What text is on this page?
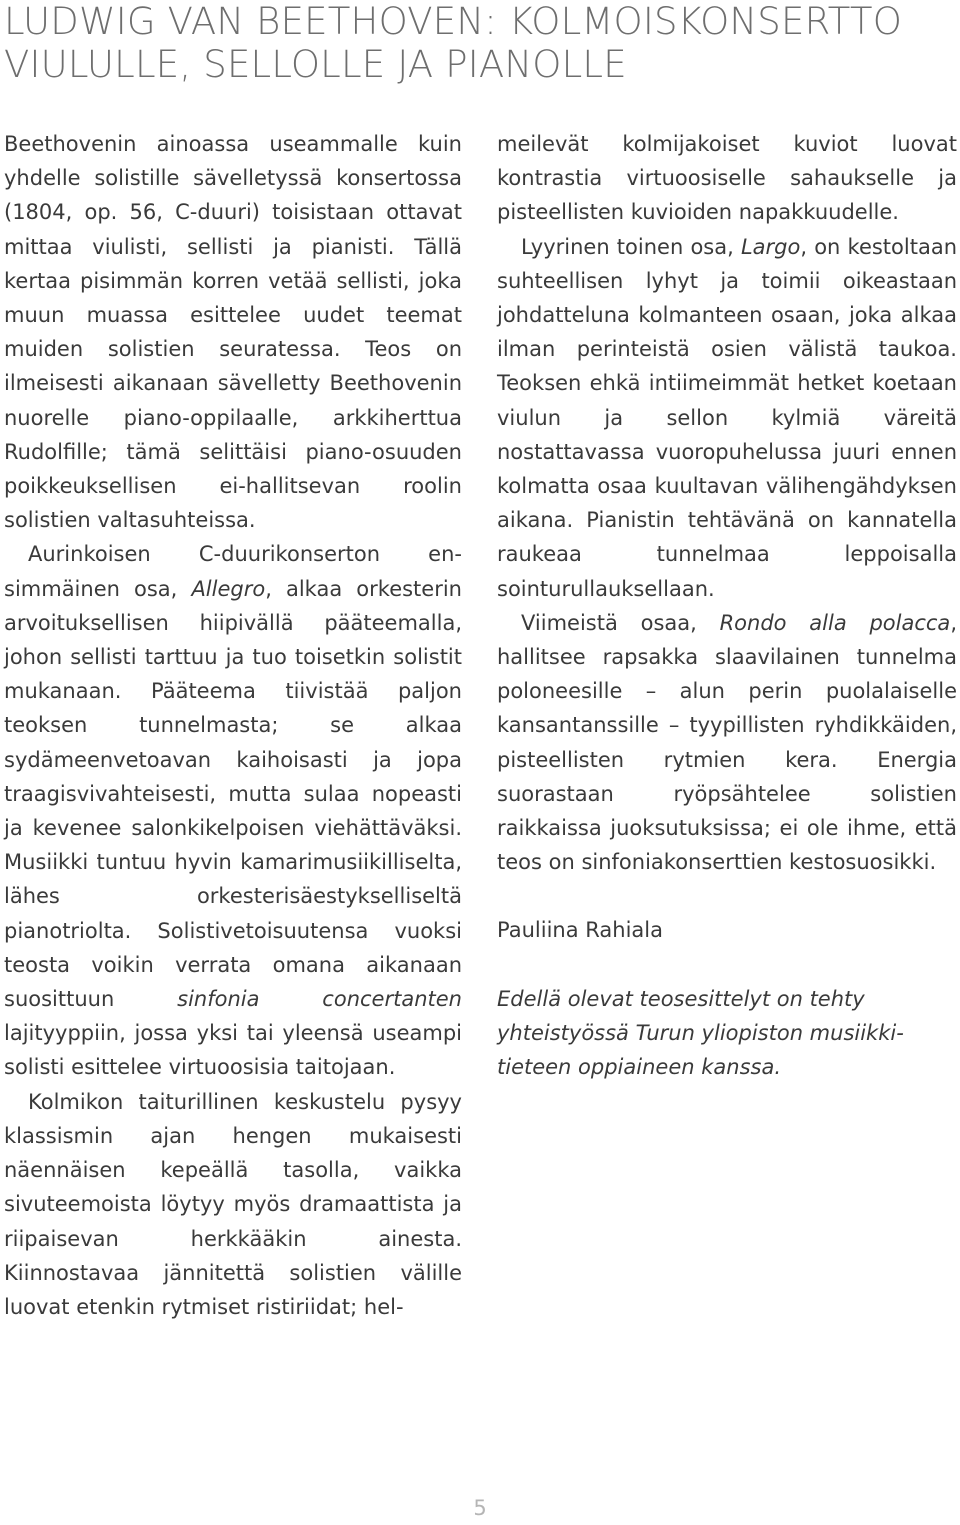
LUDWIG VAN BEETHOVEN: KOLMOISKONSERTTO
VIULULLE, SELLOLLE JA PIANOLLE

Beethovenin ainoassa useammalle kuin yhdelle solistille sävelletyssä konsertossa (1804, op. 56, C-duuri) toisistaan ottavat mittaa viulisti, sellisti ja pianisti. Tällä kertaa pisimmän korren vetää sellisti, joka muun muassa esittelee uudet teemat muiden solistien seuratessa. Teos on ilmeisesti aikanaan sävelletty Beethovenin nuorelle piano-oppilaalle, arkkiherttua Rudolfille; tämä selittäisi piano-osuuden poikkeuksellisen ei-hallitsevan roolin solistien valtasuhteissa.

Aurinkoisen C-duurikonserton ensimmäinen osa, Allegro, alkaa orkesterin arvoituksellisen hiipivällä pääteemalla, johon sellisti tarttuu ja tuo toisetkin solistit mukanaan. Pääteema tiivistää paljon teoksen tunnelmasta; se alkaa sydämeenvetoavan kaihoisasti ja jopa traagisvivahteisesti, mutta sulaa nopeasti ja kevenee salonkikelpoisen viehättäväksi. Musiikki tuntuu hyvin kamarimusiikilliselta, lähes orkesterisäestykselliseltä pianotriolta. Solistivetoisuutensa vuoksi teosta voikin verrata omana aikanaan suosittuun sinfonia concertanten lajityyppiin, jossa yksi tai yleensä useampi solisti esittelee virtuoosisia taitojaan.

Kolmikon taiturillinen keskustelu pysyy klassismin ajan hengen mukaisesti näennäisen kepeällä tasolla, vaikka sivuteemoista löytyy myös dramaattista ja riipaisevan herkkääkin ainesta. Kiinnostavaa jännitettä solistien välille luovat etenkin rytmiset ristiriidat; hel-

meilevät kolmijakoiset kuviot luovat kontrastia virtuoosiselle sahaukselle ja pisteellisten kuvioiden napakkuudelle.

Lyyrinen toinen osa, Largo, on kestoltaan suhteellisen lyhyt ja toimii oikeastaan johdatteluna kolmanteen osaan, joka alkaa ilman perinteistä osien välistä taukoa. Teoksen ehkä intiimeimmät hetket koetaan viulun ja sellon kylmiä väreitä nostattavassa vuoropuhelussa juuri ennen kolmatta osaa kuultavan välihengähdyksen aikana. Pianistin tehtävänä on kannatella raukeaa tunnelmaa leppoisalla sointurullauksellaan.

Viimeistä osaa, Rondo alla polacca, hallitsee rapsakka slaavilainen tunnelma poloneesille – alun perin puolalaiselle kansantanssille – tyypillisten ryhdikkäiden, pisteellisten rytmien kera. Energia suorastaan ryöpsähtelee solistien raikkaissa juoksutuksissa; ei ole ihme, että teos on sinfoniakonserttien kestosuosikki.

Pauliina Rahiala

Edellä olevat teosesittelyt on tehty yhteistyössä Turun yliopiston musiikkitieteen oppiaineen kanssa.

5
